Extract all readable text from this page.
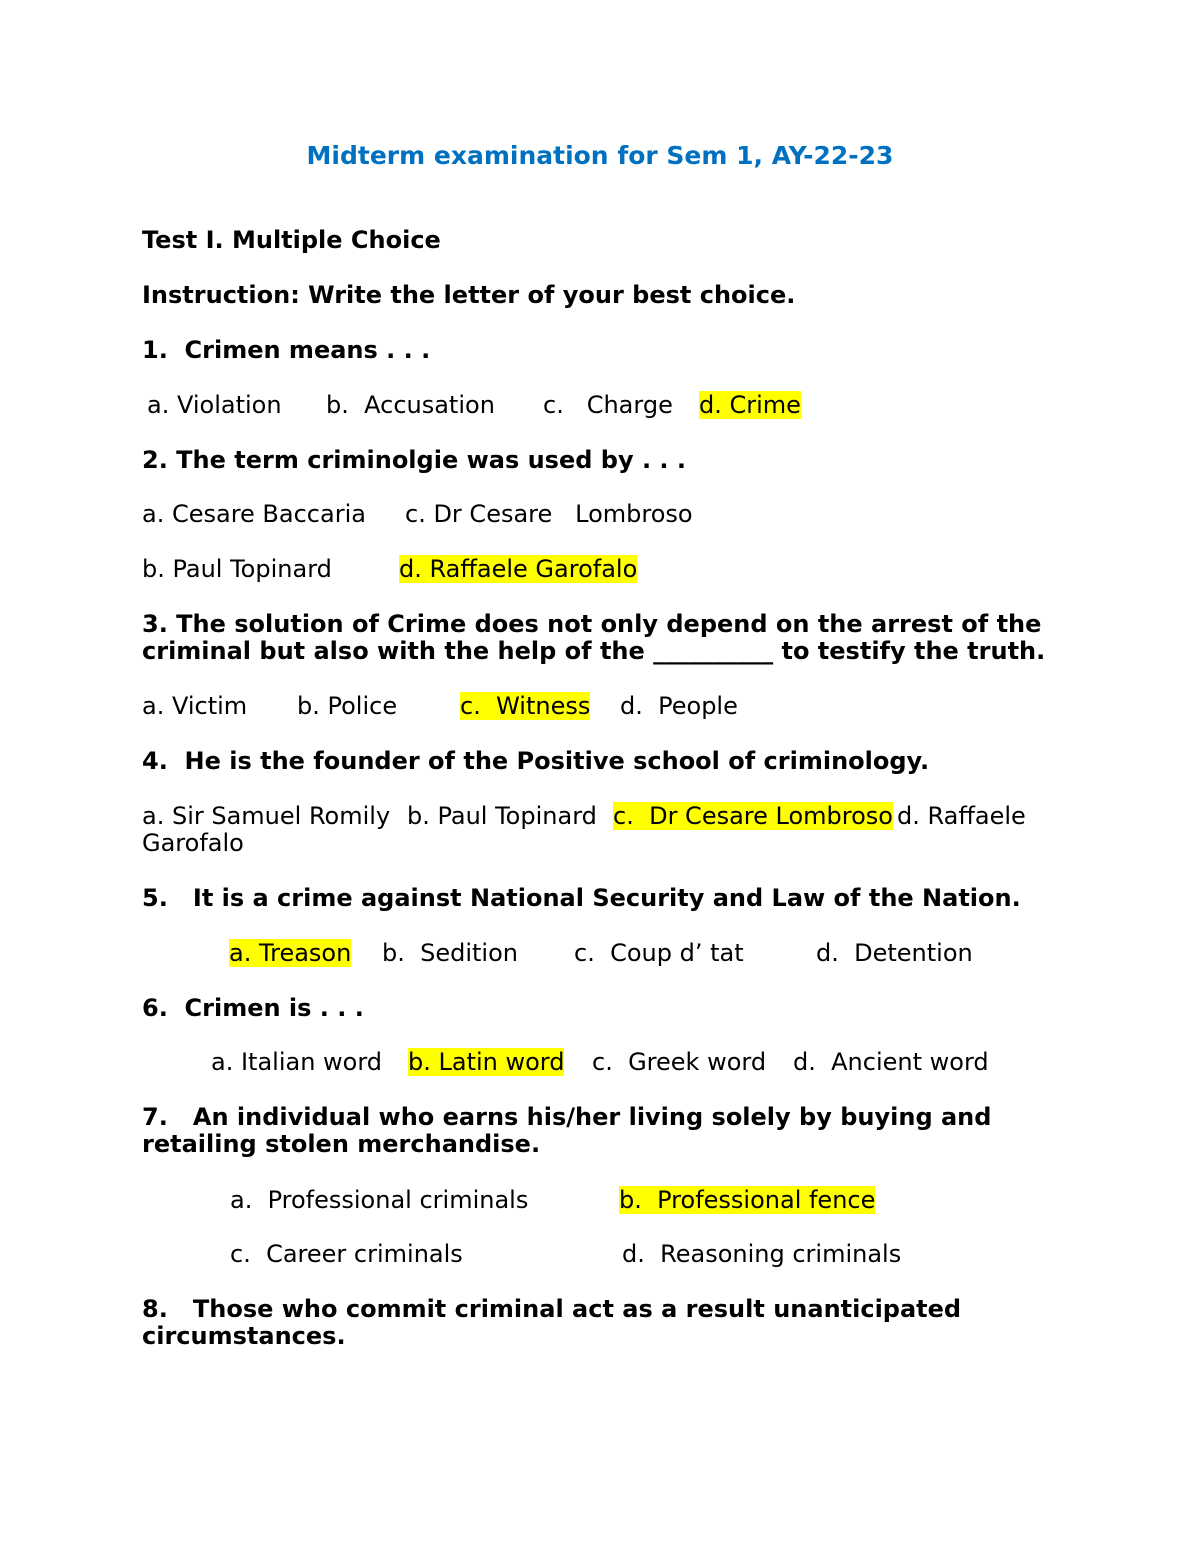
Midterm examination for Sem 1, AY-22-23
Test I. Multiple Choice
Instruction: Write the letter of your best choice.
1.  Crimen means . . .
a. Violation b.  Accusation c.   Charge d. Crime
2. The term criminolgie was used by . . .
a. Cesare Baccaria c. Dr Cesare   Lombroso
b. Paul Topinard	d. Raffaele Garofalo
3. The solution of Crime does not only depend on the arrest of the
criminal but also with the help of the __________ to testify the truth.
a. Victim b. Police	c.  Witness d.  People
4.  He is the founder of the Positive school of criminology.
a. Sir Samuel Romily b. Paul Topinard c.  Dr Cesare Lombroso d. Raffaele
Garofalo
5.   It is a crime against National Security and Law of the Nation.
a. Treason b.  Sedition c.  Coup d’ tat	d.  Detention
6.  Crimen is . . .
a. Italian word b. Latin word c.  Greek word d.  Ancient word
7.   An individual who earns his/her living solely by buying and
retailing stolen merchandise.
a.  Professional criminals	b.  Professional fence
c.  Career criminals	d.  Reasoning criminals
8.   Those who commit criminal act as a result unanticipated
circumstances.
